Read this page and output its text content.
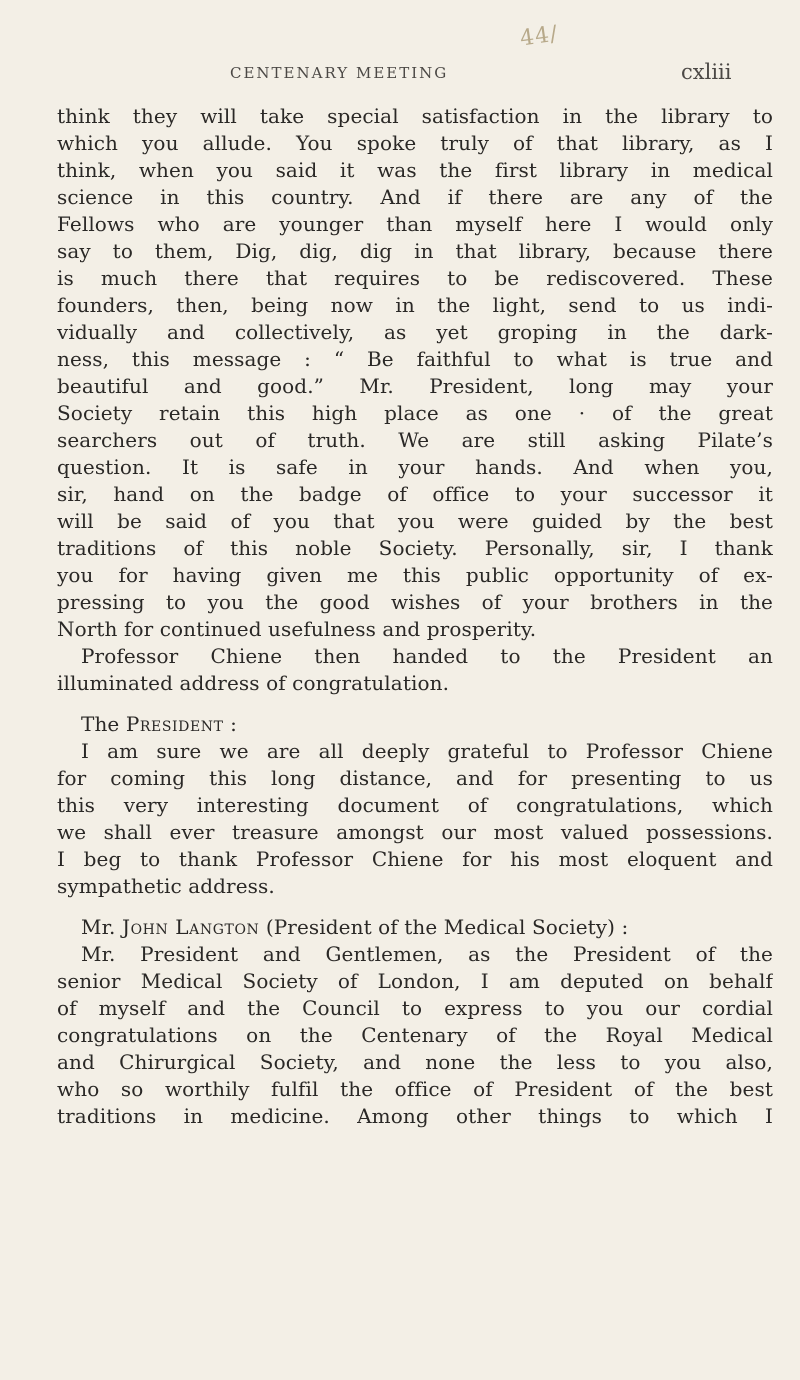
44/
CENTENARY MEETING	cxliii
think they will take special satisfaction in the library to
which you allude. You spoke truly of that library, as I
think, when you said it was the first library in medical
science in this country. And if there are any of the
Fellows who are younger than myself here I would only
say to them, Dig, dig, dig in that library, because there
is much there that requires to be rediscovered. These
founders, then, being now in the light, send to us indi-
vidually and collectively, as yet groping in the dark-
ness, this message : “ Be faithful to what is true and
beautiful and good.” Mr. President, long may your
Society retain this high place as one · of the great
searchers out of truth. We are still asking Pilate’s
question. It is safe in your hands. And when you,
sir, hand on the badge of office to your successor it
will be said of you that you were guided by the best
traditions of this noble Society. Personally, sir, I thank
you for having given me this public opportunity of ex-
pressing to you the good wishes of your brothers in the
North for continued usefulness and prosperity.
Professor Chiene then handed to the President an
illuminated address of congratulation.
The President :
I am sure we are all deeply grateful to Professor Chiene
for coming this long distance, and for presenting to us
this very interesting document of congratulations, which
we shall ever treasure amongst our most valued possessions.
I beg to thank Professor Chiene for his most eloquent and
sympathetic address.
Mr. John Langton (President of the Medical Society) :
Mr. President and Gentlemen, as the President of the
senior Medical Society of London, I am deputed on behalf
of myself and the Council to express to you our cordial
congratulations on the Centenary of the Royal Medical
and Chirurgical Society, and none the less to you also,
who so worthily fulfil the office of President of the best
traditions in medicine. Among other things to which I
